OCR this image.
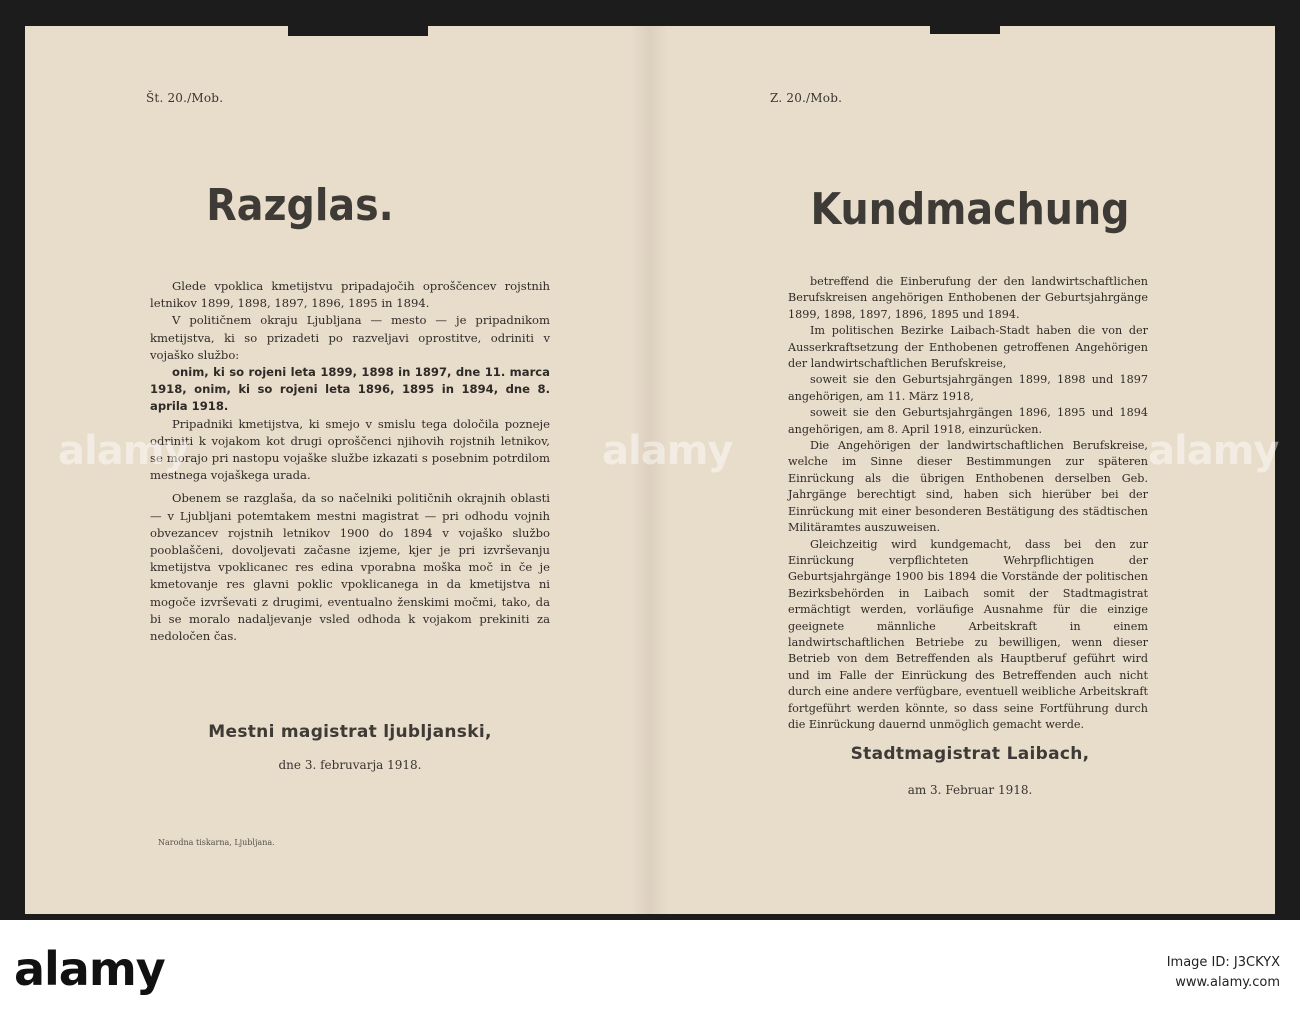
Št. 20./Mob.
Razglas.

Glede vpoklica kmetijstvu pripadajočih oproščencev rojstnih letnikov 1899, 1898, 1897, 1896, 1895 in 1894.

V političnem okraju Ljubljana — mesto — je pripadnikom kmetijstva, ki so prizadeti po razveljavi oprostitve, odriniti v vojaško službo:

onim, ki so rojeni leta 1899, 1898 in 1897, dne 11. marca 1918, onim, ki so rojeni leta 1896, 1895 in 1894, dne 8. aprila 1918.

Pripadniki kmetijstva, ki smejo v smislu tega določila pozneje odriniti k vojakom kot drugi oproščenci njihovih rojstnih letnikov, se morajo pri nastopu vojaške službe izkazati s posebnim potrdilom mestnega vojaškega urada.

Obenem se razglaša, da so načelniki političnih okrajnih oblasti — v Ljubljani potemtakem mestni magistrat — pri odhodu vojnih obvezancev rojstnih letnikov 1900 do 1894 v vojaško službo pooblaščeni, dovoljevati začasne izjeme, kjer je pri izvrševanju kmetijstva vpoklicanec res edina vporabna moška moč in če je kmetovanje res glavni poklic vpoklicanega in da kmetijstva ni mogoče izvrševati z drugimi, eventualno ženskimi močmi, tako, da bi se moralo nadaljevanje vsled odhoda k vojakom prekiniti za nedoločen čas.

Mestni magistrat ljubljanski,
dne 3. februvarja 1918.
Narodna tiskarna, Ljubljana.
Z. 20./Mob.
Kundmachung

betreffend die Einberufung der den landwirtschaftlichen Berufskreisen angehörigen Enthobenen der Geburtsjahrgänge 1899, 1898, 1897, 1896, 1895 und 1894.

Im politischen Bezirke Laibach-Stadt haben die von der Ausserkraftsetzung der Enthobenen getroffenen Angehörigen der landwirtschaftlichen Berufskreise,

soweit sie den Geburtsjahrgängen 1899, 1898 und 1897 angehörigen, am 11. März 1918,

soweit sie den Geburtsjahrgängen 1896, 1895 und 1894 angehörigen, am 8. April 1918, einzurücken.

Die Angehörigen der landwirtschaftlichen Berufskreise, welche im Sinne dieser Bestimmungen zur späteren Einrückung als die übrigen Enthobenen derselben Geb. Jahrgänge berechtigt sind, haben sich hierüber bei der Einrückung mit einer besonderen Bestätigung des städtischen Militäramtes auszuweisen.

Gleichzeitig wird kundgemacht, dass bei den zur Einrückung verpflichteten Wehrpflichtigen der Geburtsjahrgänge 1900 bis 1894 die Vorstände der politischen Bezirksbehörden in Laibach somit der Stadtmagistrat ermächtigt werden, vorläufige Ausnahme für die einzige geeignete männliche Arbeitskraft in einem landwirtschaftlichen Betriebe zu bewilligen, wenn dieser Betrieb von dem Betreffenden als Hauptberuf geführt wird und im Falle der Einrückung des Betreffenden auch nicht durch eine andere verfügbare, eventuell weibliche Arbeitskraft fortgeführt werden könnte, so dass seine Fortführung durch die Einrückung dauernd unmöglich gemacht werde.

Stadtmagistrat Laibach,
am 3. Februar 1918.
alamy	alamy	alamy
alamy	Image ID: J3CKYX
www.alamy.com
